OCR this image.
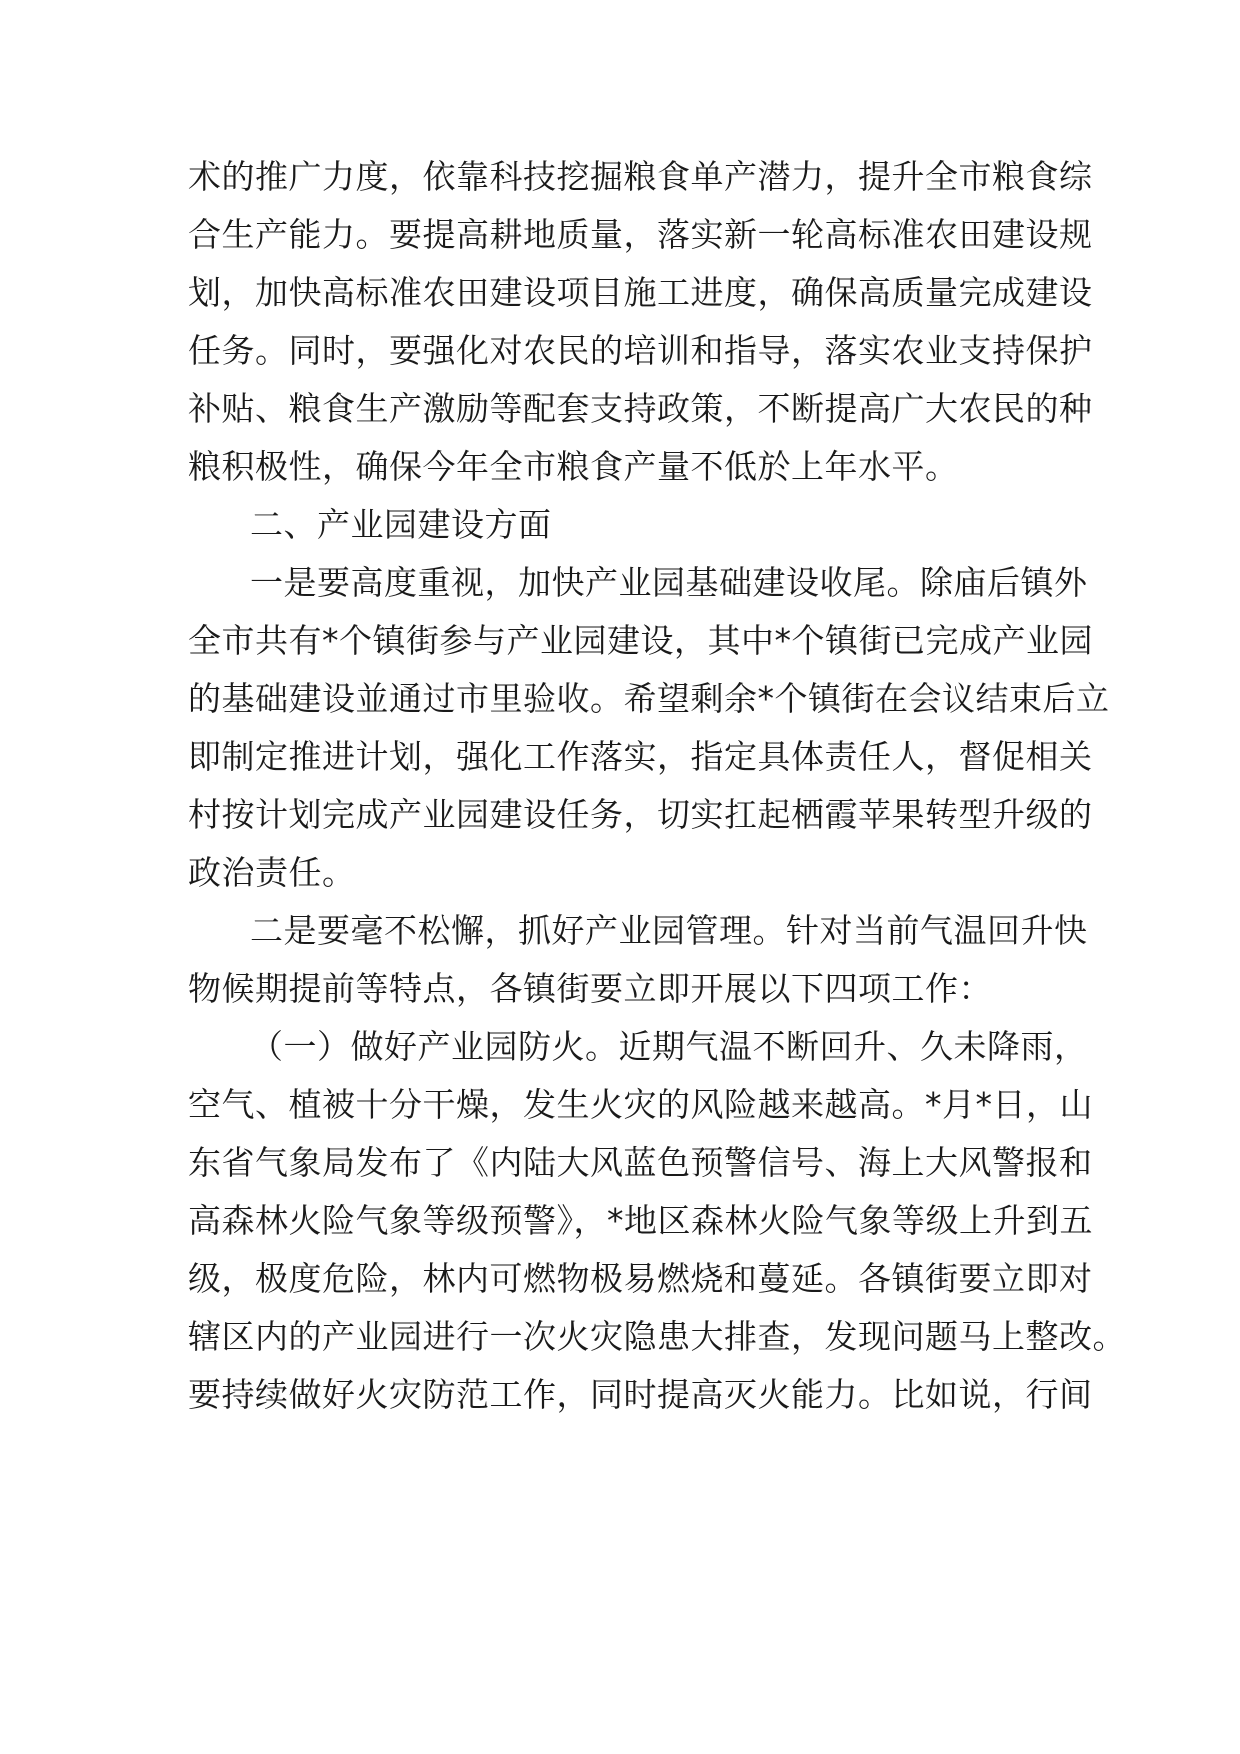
术的推广力度，依靠科技挖掘粮食单产潜力，提升全市粮食综
合生产能力。要提高耕地质量，落实新一轮高标准农田建设规
划，加快高标准农田建设项目施工进度，确保高质量完成建设
任务。同时，要强化对农民的培训和指导，落实农业支持保护
补贴、粮食生产激励等配套支持政策，不断提高广大农民的种
粮积极性，确保今年全市粮食产量不低於上年水平。
二、产业园建设方面
一是要高度重视，加快产业园基础建设收尾。除庙后镇外
全市共有*个镇街参与产业园建设，其中*个镇街已完成产业园
的基础建设並通过市里验收。希望剩余*个镇街在会议结束后立
即制定推进计划，强化工作落实，指定具体责任人，督促相关
村按计划完成产业园建设任务，切实扛起栖霞苹果转型升级的
政治责任。
二是要毫不松懈，抓好产业园管理。针对当前气温回升快
物候期提前等特点，各镇街要立即开展以下四项工作：
（一）做好产业园防火。近期气温不断回升、久未降雨，
空气、植被十分干燥，发生火灾的风险越来越高。*月*日，山
东省气象局发布了《内陆大风蓝色预警信号、海上大风警报和
高森林火险气象等级预警》，*地区森林火险气象等级上升到五
级，极度危险，林内可燃物极易燃烧和蔓延。各镇街要立即对
辖区内的产业园进行一次火灾隐患大排查，发现问题马上整改。
要持续做好火灾防范工作，同时提高灭火能力。比如说，行间
